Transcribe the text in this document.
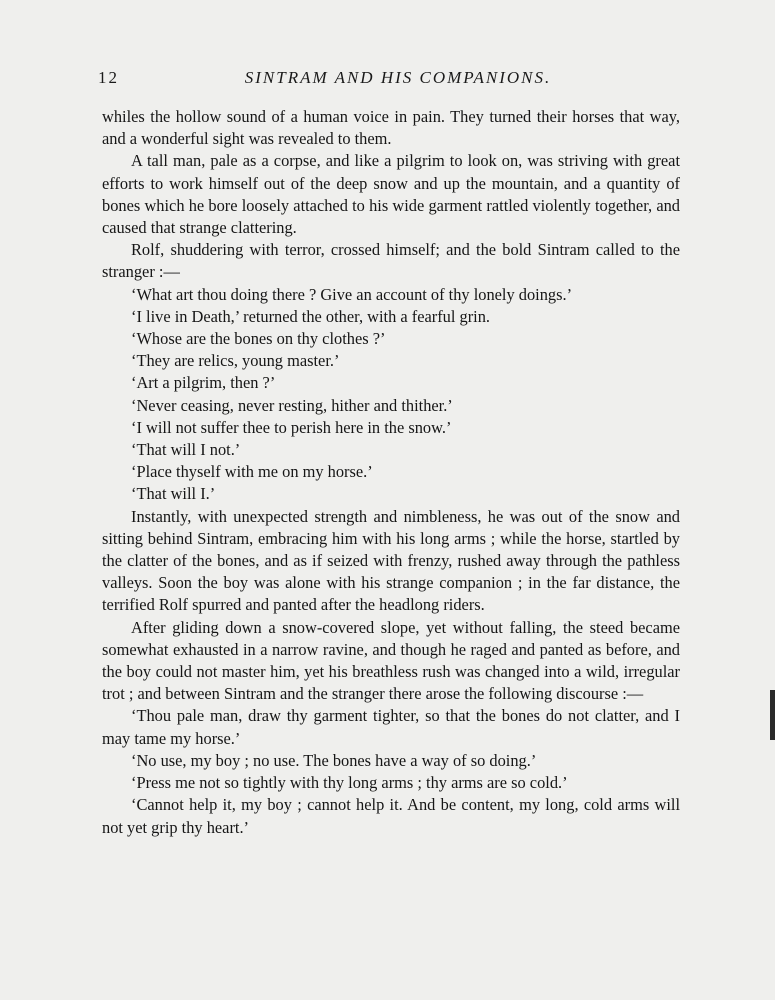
12	SINTRAM AND HIS COMPANIONS.

whiles the hollow sound of a human voice in pain. They turned their horses that way, and a wonderful sight was revealed to them.

A tall man, pale as a corpse, and like a pilgrim to look on, was striving with great efforts to work himself out of the deep snow and up the mountain, and a quantity of bones which he bore loosely attached to his wide garment rattled violently together, and caused that strange clattering.

Rolf, shuddering with terror, crossed himself; and the bold Sintram called to the stranger :—

‘What art thou doing there ? Give an account of thy lonely doings.’

‘I live in Death,’ returned the other, with a fearful grin.

‘Whose are the bones on thy clothes ?’

‘They are relics, young master.’

‘Art a pilgrim, then ?’

‘Never ceasing, never resting, hither and thither.’

‘I will not suffer thee to perish here in the snow.’

‘That will I not.’

‘Place thyself with me on my horse.’

‘That will I.’

Instantly, with unexpected strength and nimbleness, he was out of the snow and sitting behind Sintram, embracing him with his long arms ; while the horse, startled by the clatter of the bones, and as if seized with frenzy, rushed away through the pathless valleys. Soon the boy was alone with his strange companion ; in the far distance, the terrified Rolf spurred and panted after the headlong riders.

After gliding down a snow-covered slope, yet without falling, the steed became somewhat exhausted in a narrow ravine, and though he raged and panted as before, and the boy could not master him, yet his breathless rush was changed into a wild, irregular trot ; and between Sintram and the stranger there arose the following discourse :—

‘Thou pale man, draw thy garment tighter, so that the bones do not clatter, and I may tame my horse.’

‘No use, my boy ; no use. The bones have a way of so doing.’

‘Press me not so tightly with thy long arms ; thy arms are so cold.’

‘Cannot help it, my boy ; cannot help it. And be content, my long, cold arms will not yet grip thy heart.’
